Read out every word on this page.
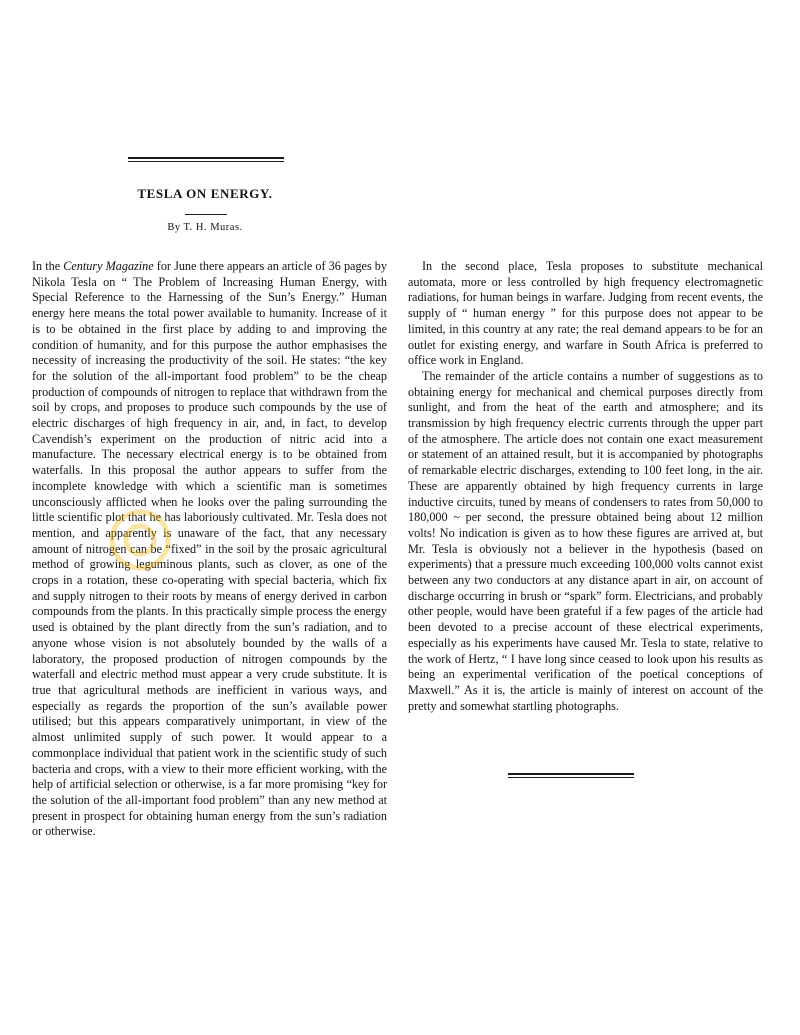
TESLA ON ENERGY.
By T. H. Muras.

In the Century Magazine for June there appears an article of 36 pages by Nikola Tesla on “ The Problem of Increasing Human Energy, with Special Reference to the Harnessing of the Sun’s Energy.” Human energy here means the total power available to humanity. Increase of it is to be obtained in the first place by adding to and improving the condition of humanity, and for this purpose the author emphasises the necessity of increasing the productivity of the soil. He states: “the key for the solution of the all-important food problem” to be the cheap production of compounds of nitrogen to replace that withdrawn from the soil by crops, and proposes to produce such compounds by the use of electric discharges of high frequency in air, and, in fact, to develop Cavendish’s experiment on the production of nitric acid into a manufacture. The necessary electrical energy is to be obtained from waterfalls. In this proposal the author appears to suffer from the incomplete knowledge with which a scientific man is sometimes unconsciously afflicted when he looks over the paling surrounding the little scientific plot that he has laboriously cultivated. Mr. Tesla does not mention, and apparently is unaware of the fact, that any necessary amount of nitrogen can be “fixed” in the soil by the prosaic agricultural method of growing leguminous plants, such as clover, as one of the crops in a rotation, these co-operating with special bacteria, which fix and supply nitrogen to their roots by means of energy derived in carbon compounds from the plants. In this practically simple process the energy used is obtained by the plant directly from the sun’s radiation, and to anyone whose vision is not absolutely bounded by the walls of a laboratory, the proposed production of nitrogen compounds by the waterfall and electric method must appear a very crude substitute. It is true that agricultural methods are inefficient in various ways, and especially as regards the proportion of the sun’s available power utilised; but this appears comparatively unimportant, in view of the almost unlimited supply of such power. It would appear to a commonplace individual that patient work in the scientific study of such bacteria and crops, with a view to their more efficient working, with the help of artificial selection or otherwise, is a far more promising “key for the solution of the all-important food problem” than any new method at present in prospect for obtaining human energy from the sun’s radiation or otherwise.

In the second place, Tesla proposes to substitute mechanical automata, more or less controlled by high frequency electromagnetic radiations, for human beings in warfare. Judging from recent events, the supply of “ human energy ” for this purpose does not appear to be limited, in this country at any rate; the real demand appears to be for an outlet for existing energy, and warfare in South Africa is preferred to office work in England.

The remainder of the article contains a number of suggestions as to obtaining energy for mechanical and chemical purposes directly from sunlight, and from the heat of the earth and atmosphere; and its transmission by high frequency electric currents through the upper part of the atmosphere. The article does not contain one exact measurement or statement of an attained result, but it is accompanied by photographs of remarkable electric discharges, extending to 100 feet long, in the air. These are apparently obtained by high frequency currents in large inductive circuits, tuned by means of condensers to rates from 50,000 to 180,000 ~ per second, the pressure obtained being about 12 million volts! No indication is given as to how these figures are arrived at, but Mr. Tesla is obviously not a believer in the hypothesis (based on experiments) that a pressure much exceeding 100,000 volts cannot exist between any two conductors at any distance apart in air, on account of discharge occurring in brush or “spark” form. Electricians, and probably other people, would have been grateful if a few pages of the article had been devoted to a precise account of these electrical experiments, especially as his experiments have caused Mr. Tesla to state, relative to the work of Hertz, “ I have long since ceased to look upon his results as being an experimental verification of the poetical conceptions of Maxwell.” As it is, the article is mainly of interest on account of the pretty and somewhat startling photographs.
